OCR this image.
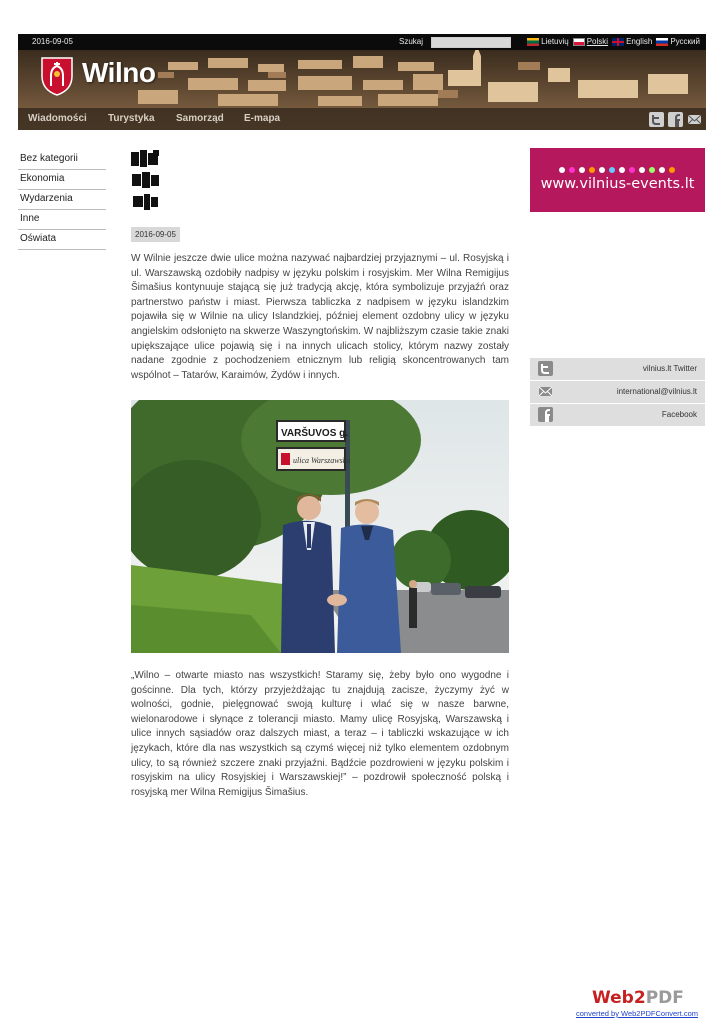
2016-09-05	Szukaj	Lietuvių Polski English Русский
Wilno
Wiadomości Turystyka Samorząd E-mapa
Bez kategorii
Ekonomia
Wydarzenia
Inne
Oświata	2016-09-05

W Wilnie jeszcze dwie ulice można nazywać najbardziej przyjaznymi – ul. Rosyjską i ul. Warszawską ozdobiły nadpisy w języku polskim i rosyjskim. Mer Wilna Remigijus Šimašius kontynuuje stającą się już tradycją akcję, która symbolizuje przyjaźń oraz partnerstwo państw i miast. Pierwsza tabliczka z nadpisem w języku islandzkim pojawiła się w Wilnie na ulicy Islandzkiej, później element ozdobny ulicy w języku angielskim odsłonięto na skwerze Waszyngtońskim. W najbliższym czasie takie znaki upiększające ulice pojawią się i na innych ulicach stolicy, którym nazwy zostały nadane zgodnie z pochodzeniem etnicznym lub religią skoncentrowanych tam wspólnot – Tatarów, Karaimów, Żydów i innych.

VARŠUVOS g.
ulica Warszawska

„Wilno – otwarte miasto nas wszystkich! Staramy się, żeby było ono wygodne i gościnne. Dla tych, którzy przyjeżdżając tu znajdują zacisze, życzymy żyć w wolności, godnie, pielęgnować swoją kulturę i wlać się w nasze barwne, wielonarodowe i słynące z tolerancji miasto. Mamy ulicę Rosyjską, Warszawską i ulice innych sąsiadów oraz dalszych miast, a teraz – i tabliczki wskazujące w ich językach, które dla nas wszystkich są czymś więcej niż tylko elementem ozdobnym ulicy, to są również szczere znaki przyjaźni. Bądźcie pozdrowieni w języku polskim i rosyjskim na ulicy Rosyjskiej i Warszawskiej!” – pozdrowił społeczność polską i rosyjską mer Wilna Remigijus Šimašius.

www.vilnius-events.lt
vilnius.lt Twitter
international@vilnius.lt
Facebook
Web2PDF
converted by Web2PDFConvert.com
